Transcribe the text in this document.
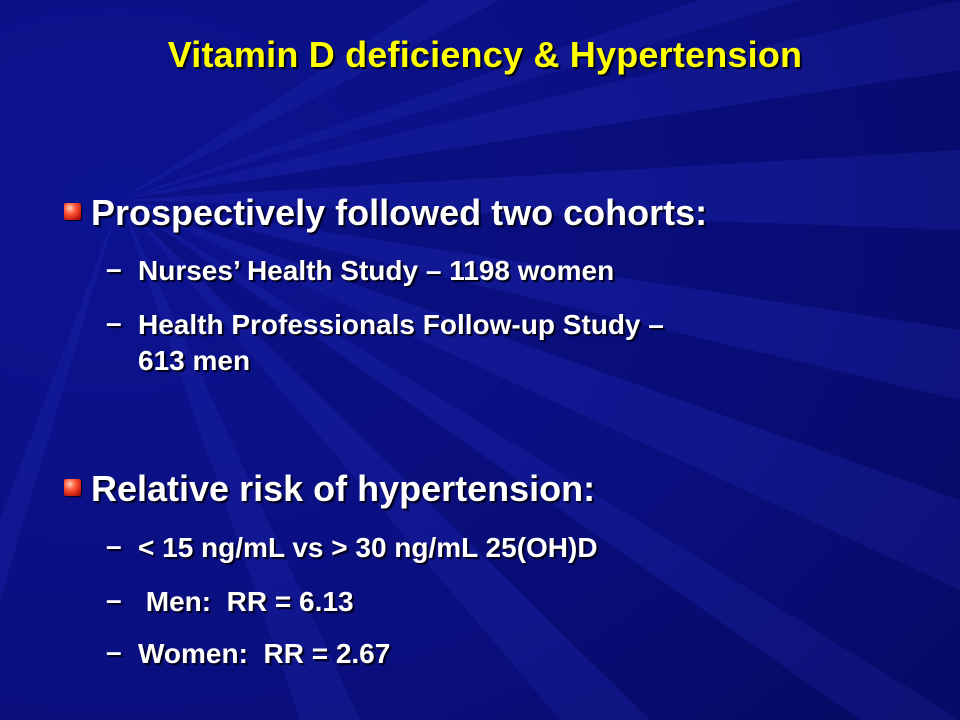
Vitamin D deficiency & Hypertension
Prospectively followed two cohorts:
– Nurses’ Health Study – 1198 women
– Health Professionals Follow-up Study –
613 men
Relative risk of hypertension:
– < 15 ng/mL vs > 30 ng/mL 25(OH)D
– Men:  RR = 6.13
– Women:  RR = 2.67
